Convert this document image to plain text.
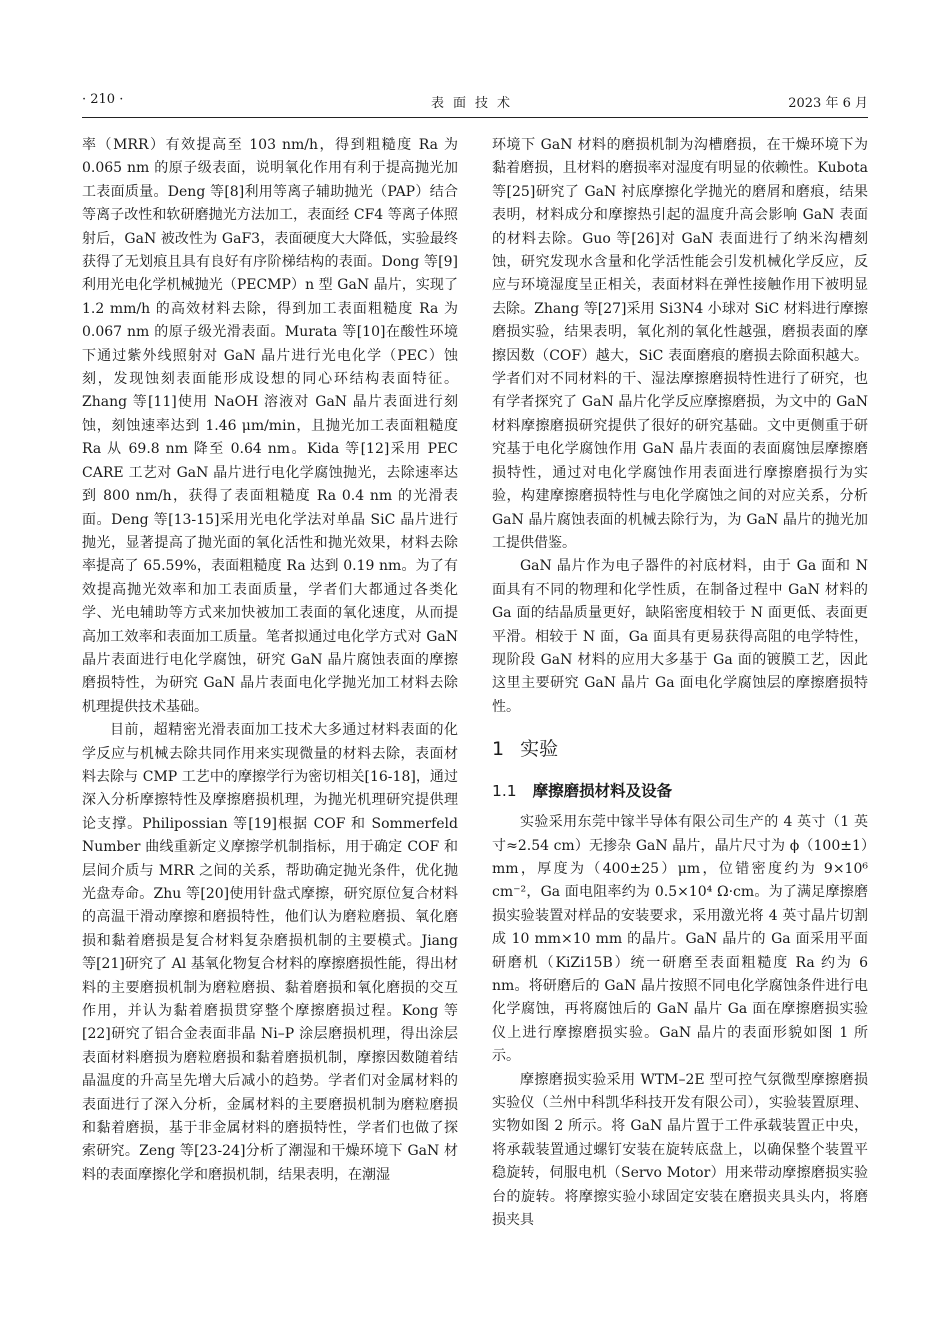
· 210 ·	表面技术	2023 年 6 月

率（MRR）有效提高至 103 nm/h，得到粗糙度 Ra 为 0.065 nm 的原子级表面，说明氧化作用有利于提高抛光加工表面质量。Deng 等[8]利用等离子辅助抛光（PAP）结合等离子改性和软研磨抛光方法加工，表面经 CF4 等离子体照射后，GaN 被改性为 GaF3，表面硬度大大降低，实验最终获得了无划痕且具有良好有序阶梯结构的表面。Dong 等[9]利用光电化学机械抛光（PECMP）n 型 GaN 晶片，实现了 1.2 mm/h 的高效材料去除，得到加工表面粗糙度 Ra 为 0.067 nm 的原子级光滑表面。Murata 等[10]在酸性环境下通过紫外线照射对 GaN 晶片进行光电化学（PEC）蚀刻，发现蚀刻表面能形成设想的同心环结构表面特征。Zhang 等[11]使用 NaOH 溶液对 GaN 晶片表面进行刻蚀，刻蚀速率达到 1.46 μm/min，且抛光加工表面粗糙度 Ra 从 69.8 nm 降至 0.64 nm。Kida 等[12]采用 PEC CARE 工艺对 GaN 晶片进行电化学腐蚀抛光，去除速率达到 800 nm/h，获得了表面粗糙度 Ra 0.4 nm 的光滑表面。Deng 等[13-15]采用光电化学法对单晶 SiC 晶片进行抛光，显著提高了抛光面的氧化活性和抛光效果，材料去除率提高了 65.59%，表面粗糙度 Ra 达到 0.19 nm。为了有效提高抛光效率和加工表面质量，学者们大都通过各类化学、光电辅助等方式来加快被加工表面的氧化速度，从而提高加工效率和表面加工质量。笔者拟通过电化学方式对 GaN 晶片表面进行电化学腐蚀，研究 GaN 晶片腐蚀表面的摩擦磨损特性，为研究 GaN 晶片表面电化学抛光加工材料去除机理提供技术基础。

目前，超精密光滑表面加工技术大多通过材料表面的化学反应与机械去除共同作用来实现微量的材料去除，表面材料去除与 CMP 工艺中的摩擦学行为密切相关[16-18]，通过深入分析摩擦特性及摩擦磨损机理，为抛光机理研究提供理论支撑。Philipossian 等[19]根据 COF 和 Sommerfeld Number 曲线重新定义摩擦学机制指标，用于确定 COF 和层间介质与 MRR 之间的关系，帮助确定抛光条件，优化抛光盘寿命。Zhu 等[20]使用针盘式摩擦，研究原位复合材料的高温干滑动摩擦和磨损特性，他们认为磨粒磨损、氧化磨损和黏着磨损是复合材料复杂磨损机制的主要模式。Jiang 等[21]研究了 Al 基氧化物复合材料的摩擦磨损性能，得出材料的主要磨损机制为磨粒磨损、黏着磨损和氧化磨损的交互作用，并认为黏着磨损贯穿整个摩擦磨损过程。Kong 等[22]研究了铝合金表面非晶 Ni–P 涂层磨损机理，得出涂层表面材料磨损为磨粒磨损和黏着磨损机制，摩擦因数随着结晶温度的升高呈先增大后减小的趋势。学者们对金属材料的表面进行了深入分析，金属材料的主要磨损机制为磨粒磨损和黏着磨损，基于非金属材料的磨损特性，学者们也做了探索研究。Zeng 等[23-24]分析了潮湿和干燥环境下 GaN 材料的表面摩擦化学和磨损机制，结果表明，在潮湿

环境下 GaN 材料的磨损机制为沟槽磨损，在干燥环境下为黏着磨损，且材料的磨损率对湿度有明显的依赖性。Kubota 等[25]研究了 GaN 衬底摩擦化学抛光的磨屑和磨痕，结果表明，材料成分和摩擦热引起的温度升高会影响 GaN 表面的材料去除。Guo 等[26]对 GaN 表面进行了纳米沟槽刻蚀，研究发现水含量和化学活性能会引发机械化学反应，反应与环境湿度呈正相关，表面材料在弹性接触作用下被明显去除。Zhang 等[27]采用 Si3N4 小球对 SiC 材料进行摩擦磨损实验，结果表明，氧化剂的氧化性越强，磨损表面的摩擦因数（COF）越大，SiC 表面磨痕的磨损去除面积越大。学者们对不同材料的干、湿法摩擦磨损特性进行了研究，也有学者探究了 GaN 晶片化学反应摩擦磨损，为文中的 GaN 材料摩擦磨损研究提供了很好的研究基础。文中更侧重于研究基于电化学腐蚀作用 GaN 晶片表面的表面腐蚀层摩擦磨损特性，通过对电化学腐蚀作用表面进行摩擦磨损行为实验，构建摩擦磨损特性与电化学腐蚀之间的对应关系，分析 GaN 晶片腐蚀表面的机械去除行为，为 GaN 晶片的抛光加工提供借鉴。

GaN 晶片作为电子器件的衬底材料，由于 Ga 面和 N 面具有不同的物理和化学性质，在制备过程中 GaN 材料的 Ga 面的结晶质量更好，缺陷密度相较于 N 面更低、表面更平滑。相较于 N 面，Ga 面具有更易获得高阻的电学特性，现阶段 GaN 材料的应用大多基于 Ga 面的镀膜工艺，因此这里主要研究 GaN 晶片 Ga 面电化学腐蚀层的摩擦磨损特性。

1 实验
1.1 摩擦磨损材料及设备

实验采用东莞中镓半导体有限公司生产的 4 英寸（1 英寸≈2.54 cm）无掺杂 GaN 晶片，晶片尺寸为 ϕ（100±1）mm，厚度为（400±25）μm，位错密度约为 9×10⁶ cm⁻²，Ga 面电阻率约为 0.5×10⁴ Ω·cm。为了满足摩擦磨损实验装置对样品的安装要求，采用激光将 4 英寸晶片切割成 10 mm×10 mm 的晶片。GaN 晶片的 Ga 面采用平面研磨机（KiZi15B）统一研磨至表面粗糙度 Ra 约为 6 nm。将研磨后的 GaN 晶片按照不同电化学腐蚀条件进行电化学腐蚀，再将腐蚀后的 GaN 晶片 Ga 面在摩擦磨损实验仪上进行摩擦磨损实验。GaN 晶片的表面形貌如图 1 所示。

摩擦磨损实验采用 WTM–2E 型可控气氛微型摩擦磨损实验仪（兰州中科凯华科技开发有限公司），实验装置原理、实物如图 2 所示。将 GaN 晶片置于工件承载装置正中央，将承载装置通过螺钉安装在旋转底盘上，以确保整个装置平稳旋转，伺服电机（Servo Motor）用来带动摩擦磨损实验台的旋转。将摩擦实验小球固定安装在磨损夹具头内，将磨损夹具
